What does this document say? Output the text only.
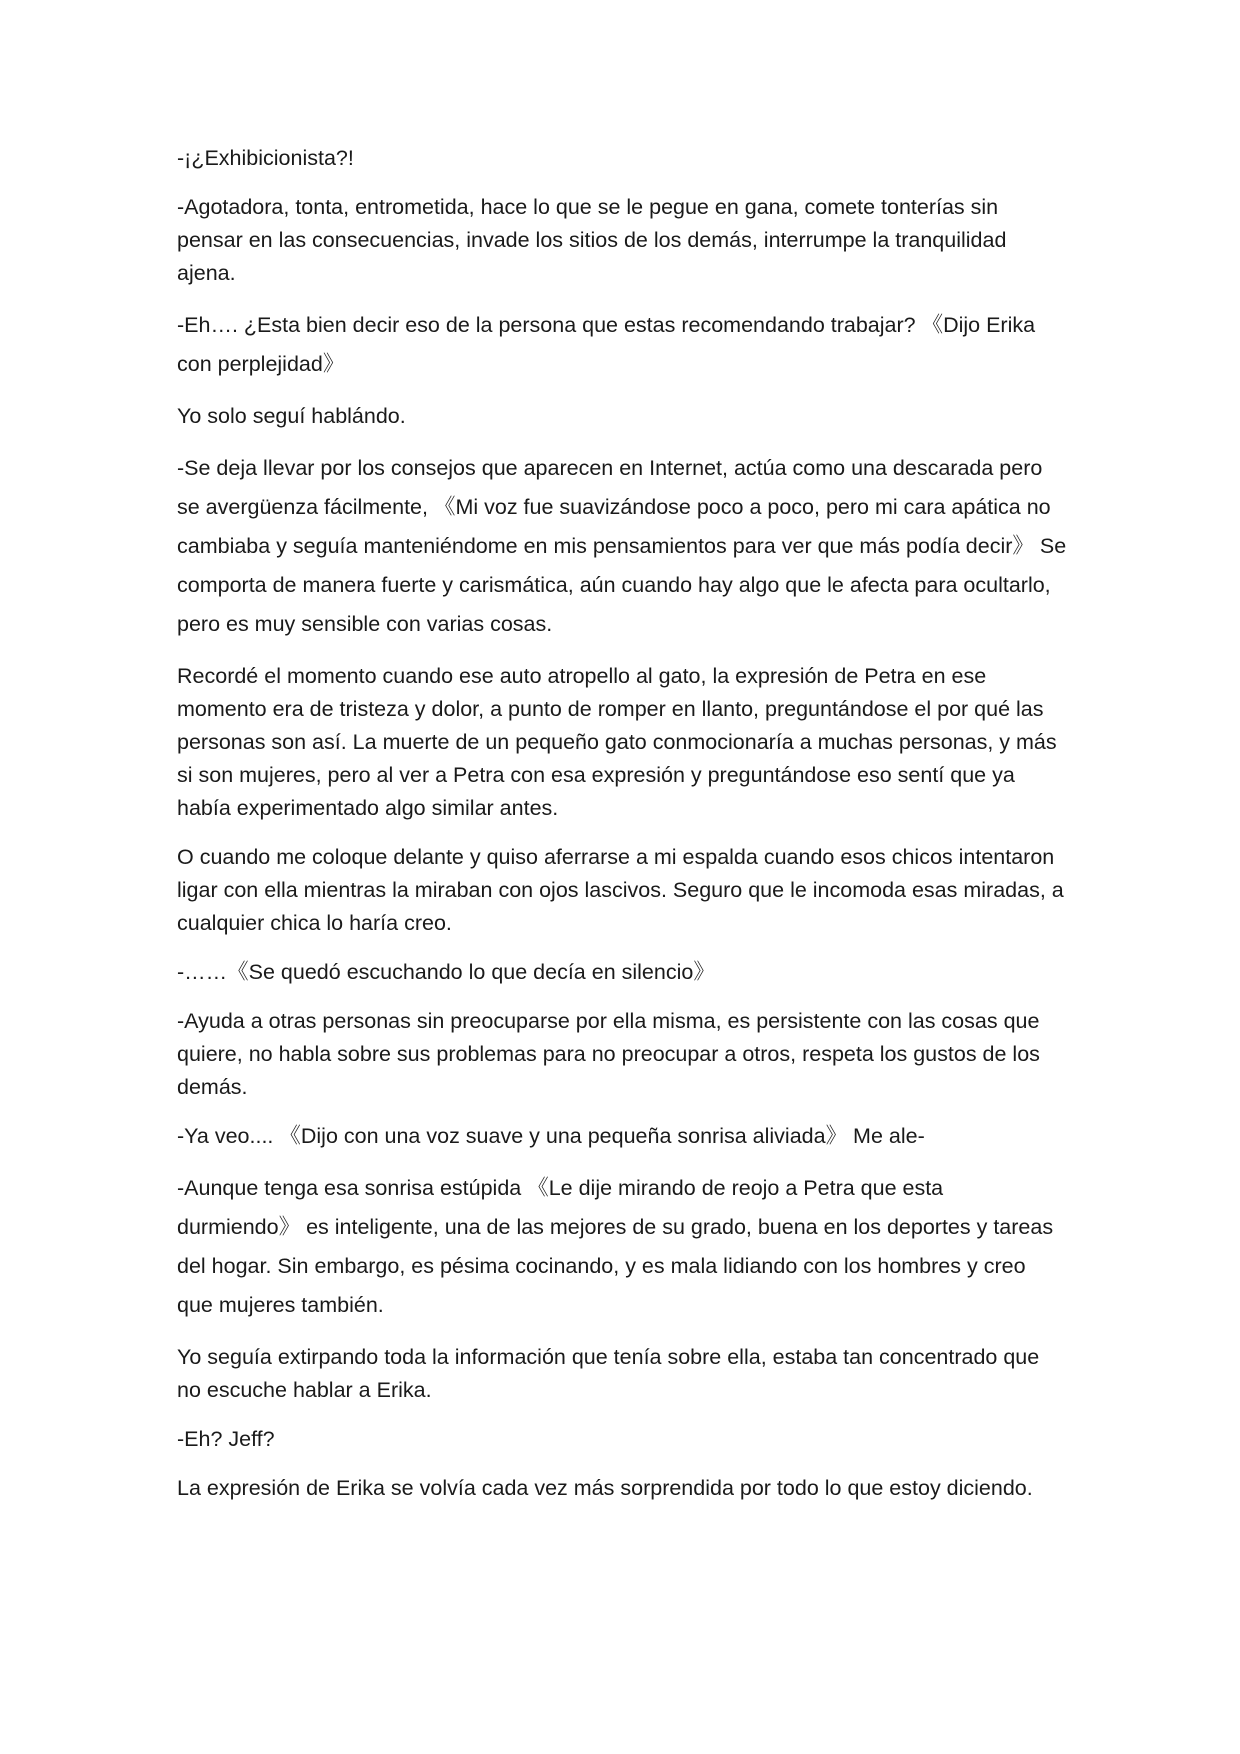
-¡¿Exhibicionista?!

-Agotadora, tonta, entrometida, hace lo que se le pegue en gana, comete tonterías sin pensar en las consecuencias, invade los sitios de los demás, interrumpe la tranquilidad ajena.

-Eh…. ¿Esta bien decir eso de la persona que estas recomendando trabajar? 《Dijo Erika con perplejidad》

Yo solo seguí hablándo.

-Se deja llevar por los consejos que aparecen en Internet, actúa como una descarada pero se avergüenza fácilmente, 《Mi voz fue suavizándose poco a poco, pero mi cara apática no cambiaba y seguía manteniéndome en mis pensamientos para ver que más podía decir》 Se comporta de manera fuerte y carismática, aún cuando hay algo que le afecta para ocultarlo, pero es muy sensible con varias cosas.

Recordé el momento cuando ese auto atropello al gato, la expresión de Petra en ese momento era de tristeza y dolor, a punto de romper en llanto, preguntándose el por qué las personas son así. La muerte de un pequeño gato conmocionaría a muchas personas, y más si son mujeres, pero al ver a Petra con esa expresión y preguntándose eso sentí que ya había experimentado algo similar antes.

O cuando me coloque delante y quiso aferrarse a mi espalda cuando esos chicos intentaron ligar con ella mientras la miraban con ojos lascivos. Seguro que le incomoda esas miradas, a cualquier chica lo haría creo.

-……《Se quedó escuchando lo que decía en silencio》

-Ayuda a otras personas sin preocuparse por ella misma, es persistente con las cosas que quiere, no habla sobre sus problemas para no preocupar a otros, respeta los gustos de los demás.

-Ya veo.... 《Dijo con una voz suave y una pequeña sonrisa aliviada》 Me ale-

-Aunque tenga esa sonrisa estúpida 《Le dije mirando de reojo a Petra que esta durmiendo》 es inteligente, una de las mejores de su grado, buena en los deportes y tareas del hogar. Sin embargo, es pésima cocinando, y es mala lidiando con los hombres y creo que mujeres también.

Yo seguía extirpando toda la información que tenía sobre ella, estaba tan concentrado que no escuche hablar a Erika.

-Eh? Jeff?

La expresión de Erika se volvía cada vez más sorprendida por todo lo que estoy diciendo.
